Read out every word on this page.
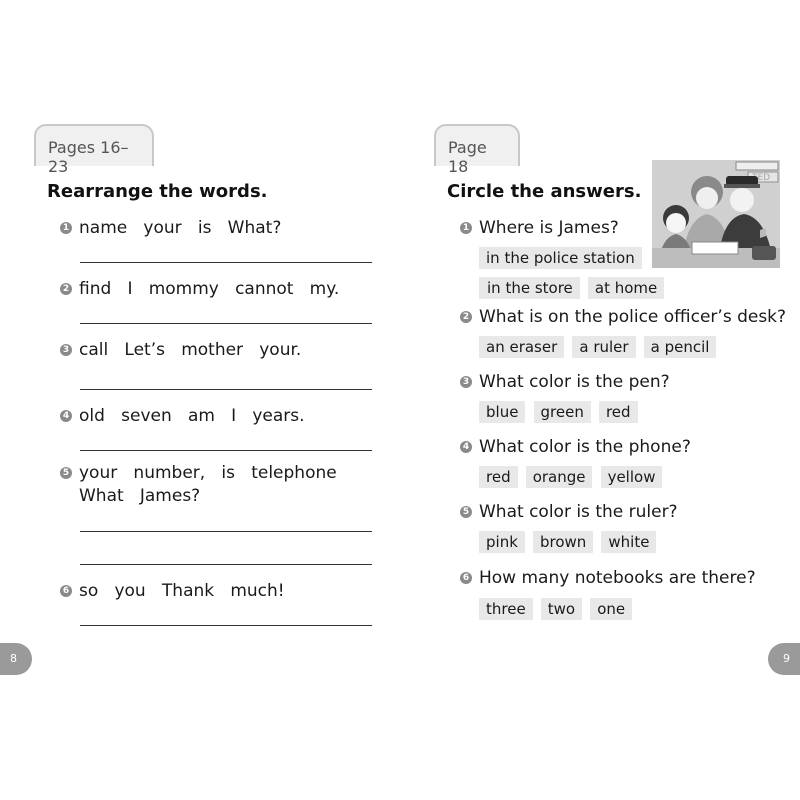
Pages 16–23
Rearrange the words.
1 name   your   is   What?
2 find   I   mommy   cannot   my.
3 call   Let’s   mother   your.
4 old   seven   am   I   years.
5 your   number,   is   telephone
What   James?
6 so   you   Thank   much!
8
Page 18
Circle the answers.
1 Where is James?
in the police station
in the store at home
2 What is on the police officer’s desk?
an eraser a ruler a pencil
3 What color is the pen?
blue green red
4 What color is the phone?
red orange yellow
5 What color is the ruler?
pink brown white
6 How many notebooks are there?
three two one
9
